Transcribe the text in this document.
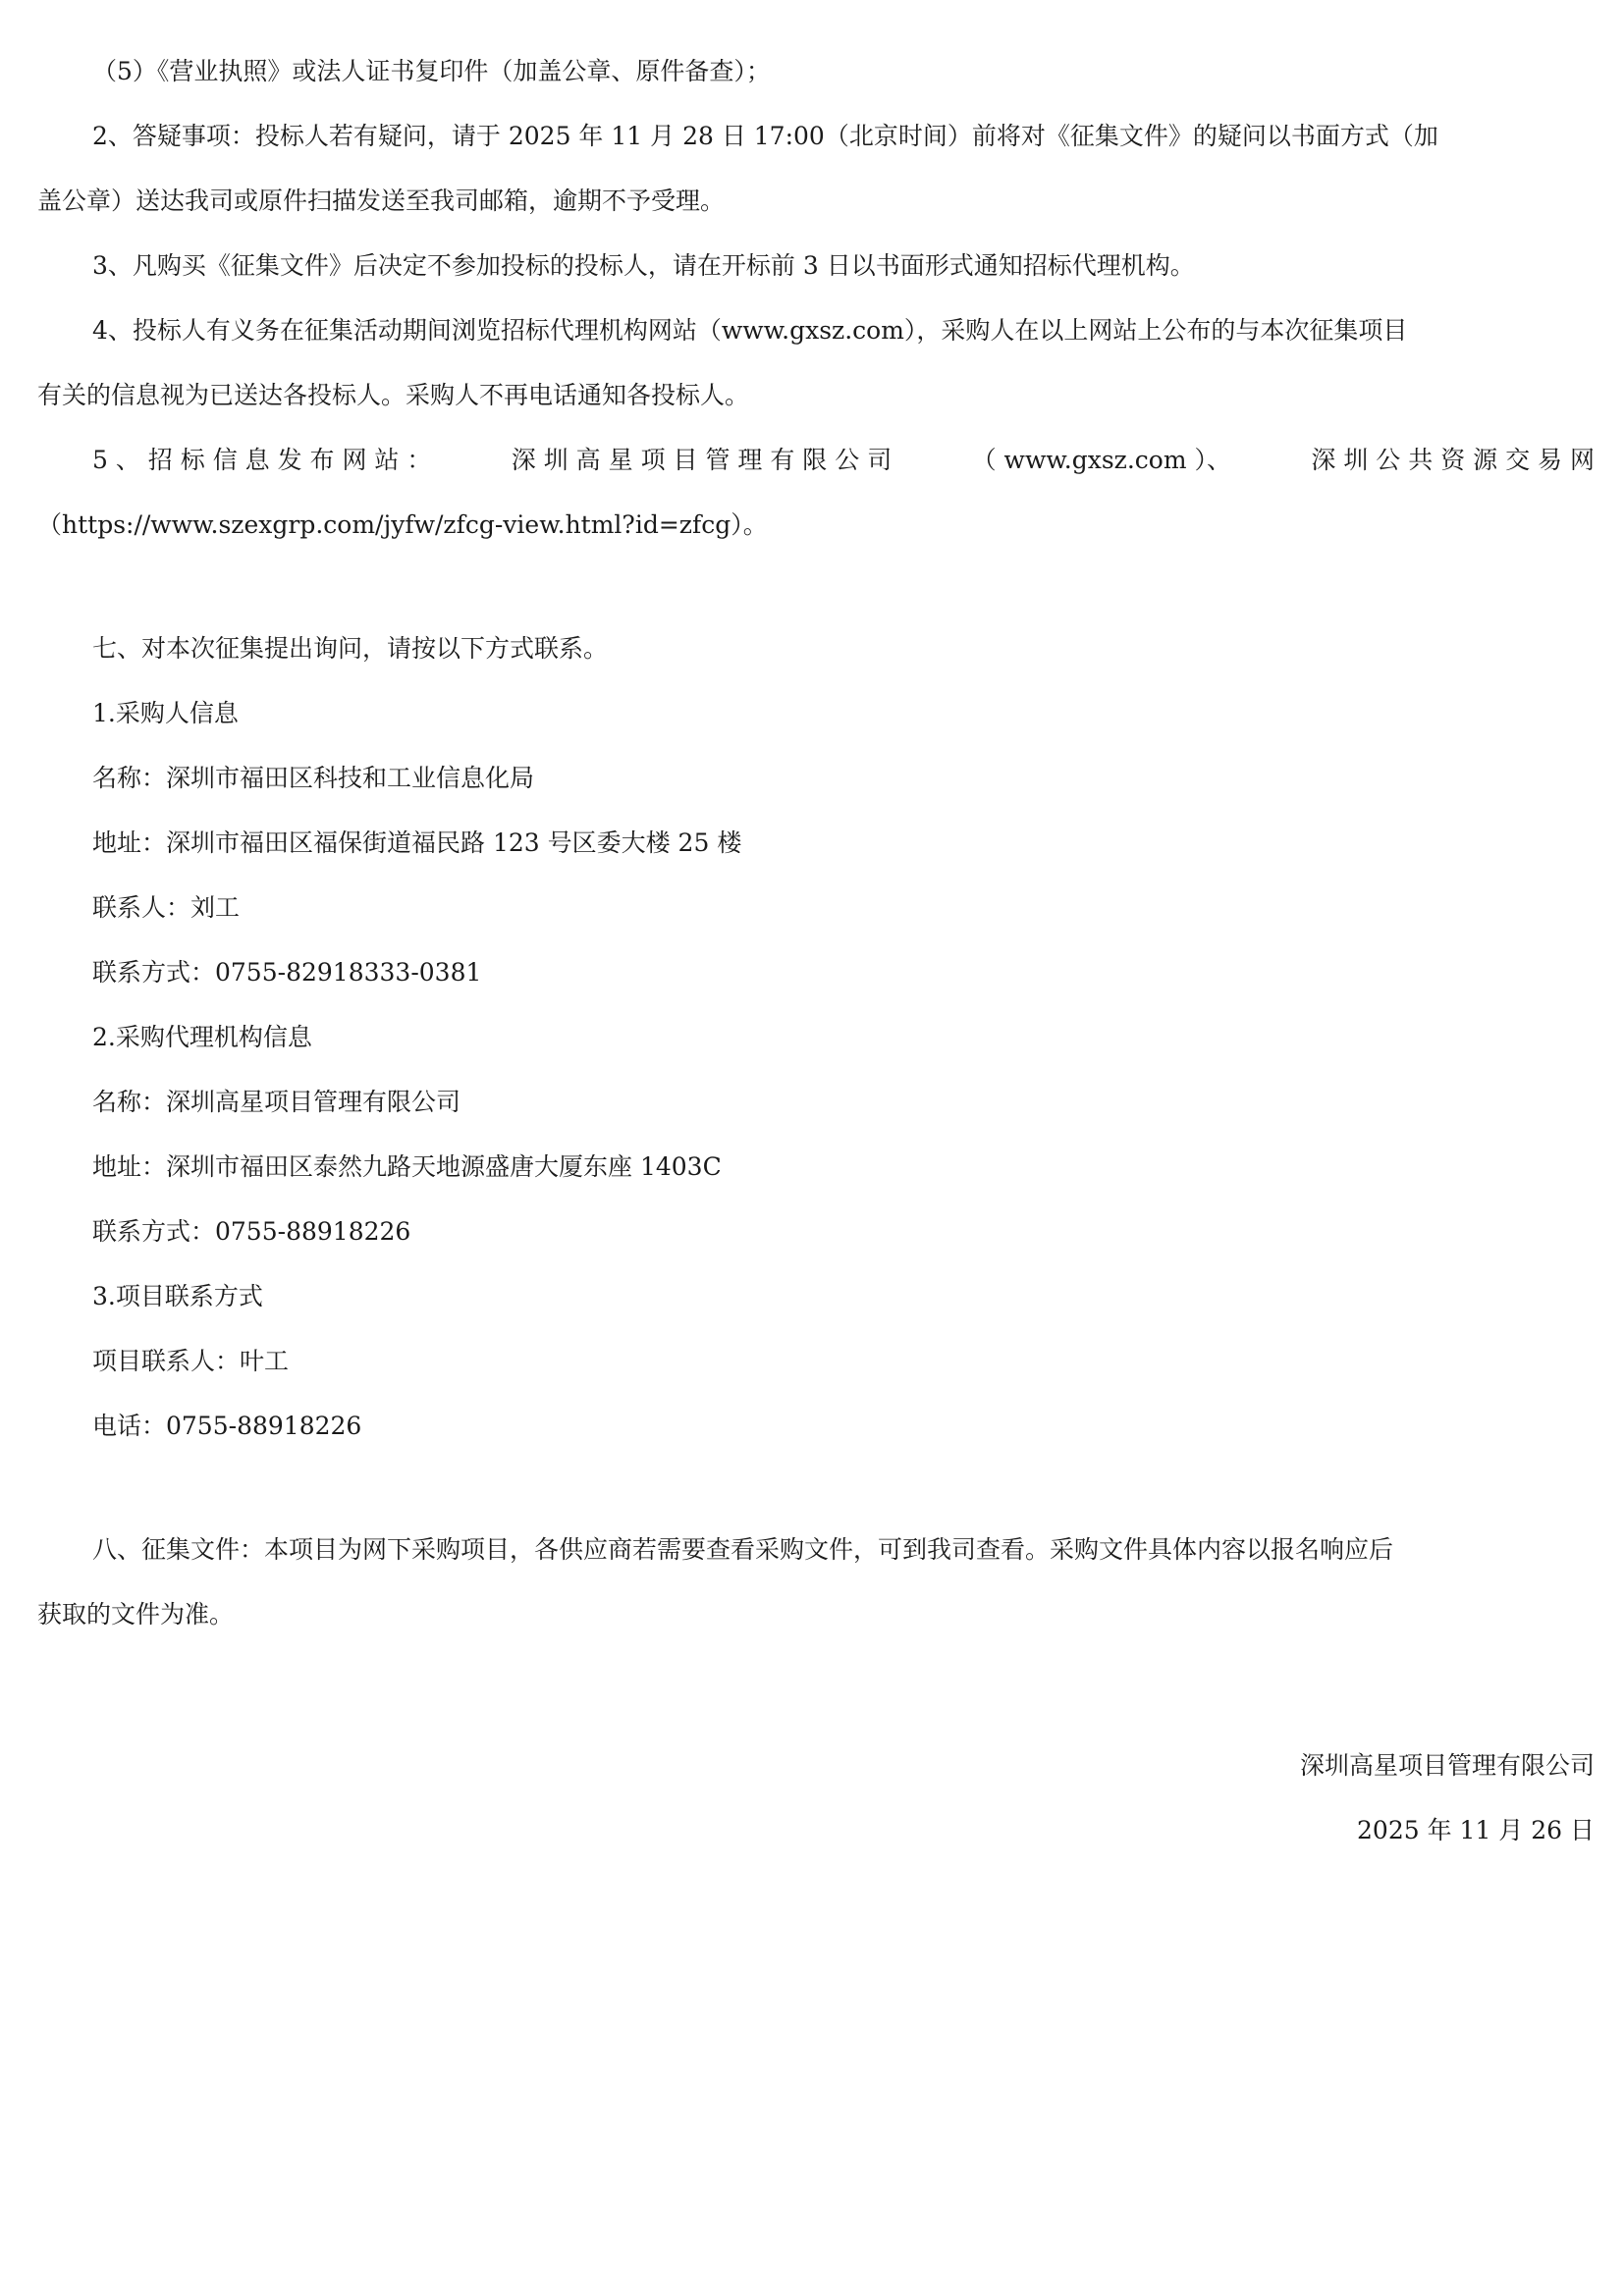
（5）《营业执照》或法人证书复印件（加盖公章、原件备查）；
2、答疑事项：投标人若有疑问，请于 2025 年 11 月 28 日 17:00（北京时间）前将对《征集文件》的疑问以书面方式（加
盖公章）送达我司或原件扫描发送至我司邮箱，逾期不予受理。
3、凡购买《征集文件》后决定不参加投标的投标人，请在开标前 3 日以书面形式通知招标代理机构。
4、投标人有义务在征集活动期间浏览招标代理机构网站（www.gxsz.com），采购人在以上网站上公布的与本次征集项目
有关的信息视为已送达各投标人。采购人不再电话通知各投标人。
5 、 招 标 信 息 发 布 网 站 ：	深 圳 高 星 项 目 管 理 有 限 公 司	（ www.gxsz.com ）、	深 圳 公 共 资 源 交 易 网
（https://www.szexgrp.com/jyfw/zfcg-view.html?id=zfcg）。
七、对本次征集提出询问，请按以下方式联系。
1.采购人信息
名称：深圳市福田区科技和工业信息化局
地址：深圳市福田区福保街道福民路 123 号区委大楼 25 楼
联系人：刘工
联系方式：0755-82918333-0381
2.采购代理机构信息
名称：深圳高星项目管理有限公司
地址：深圳市福田区泰然九路天地源盛唐大厦东座 1403C
联系方式：0755-88918226
3.项目联系方式
项目联系人：叶工
电话：0755-88918226
八、征集文件：本项目为网下采购项目，各供应商若需要查看采购文件，可到我司查看。采购文件具体内容以报名响应后
获取的文件为准。
深圳高星项目管理有限公司
2025 年 11 月 26 日
